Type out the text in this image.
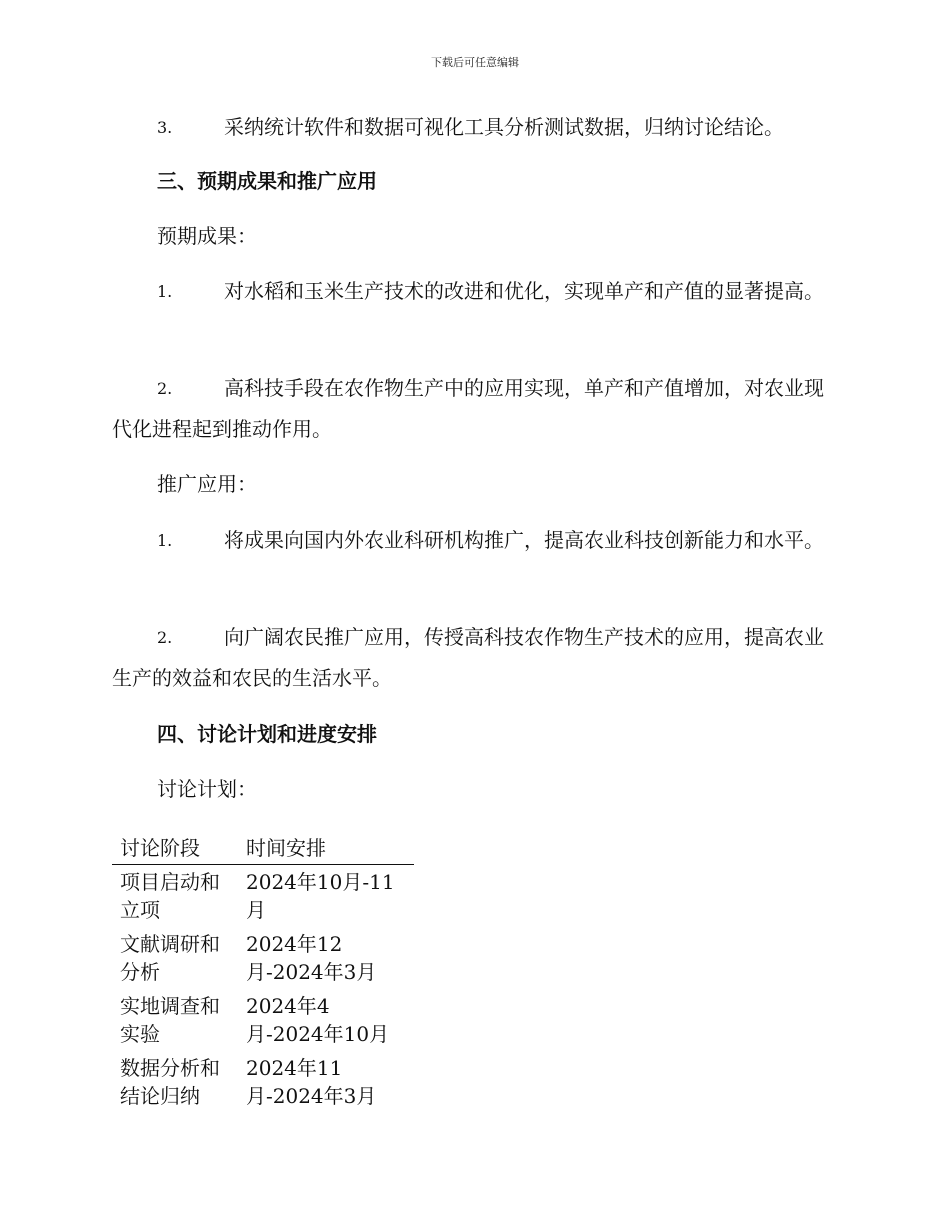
下载后可任意编辑
3.	采纳统计软件和数据可视化工具分析测试数据，归纳讨论结论。
三、预期成果和推广应用
预期成果：
1.	对水稻和玉米生产技术的改进和优化，实现单产和产值的显著提高。
2.	高科技手段在农作物生产中的应用实现，单产和产值增加，对农业现代化进程起到推动作用。
推广应用：
1.	将成果向国内外农业科研机构推广，提高农业科技创新能力和水平。
2.	向广阔农民推广应用，传授高科技农作物生产技术的应用，提高农业生产的效益和农民的生活水平。
四、讨论计划和进度安排
讨论计划：
讨论阶段	时间安排
项目启动和立项	2024年10月-11月
文献调研和分析	2024年12月-2024年3月
实地调查和实验	2024年4月-2024年10月
数据分析和结论归纳	2024年11月-2024年3月
